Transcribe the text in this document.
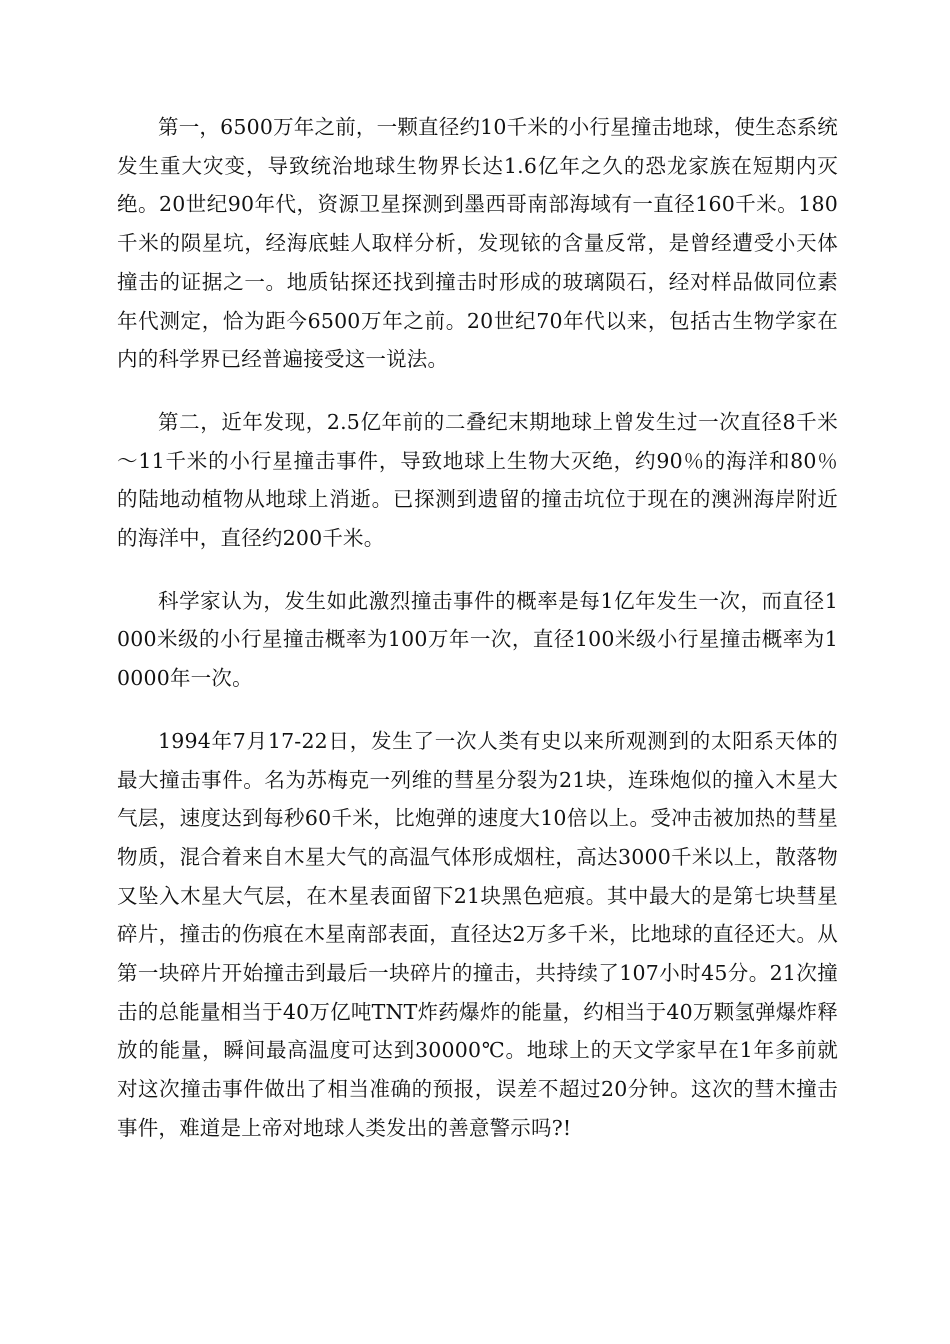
第一，6500万年之前，一颗直径约10千米的小行星撞击地球，使生态系统发生重大灾变，导致统治地球生物界长达1.6亿年之久的恐龙家族在短期内灭绝。20世纪90年代，资源卫星探测到墨西哥南部海域有一直径160千米。180千米的陨星坑，经海底蛙人取样分析，发现铱的含量反常，是曾经遭受小天体撞击的证据之一。地质钻探还找到撞击时形成的玻璃陨石，经对样品做同位素年代测定，恰为距今6500万年之前。20世纪70年代以来，包括古生物学家在内的科学界已经普遍接受这一说法。

第二，近年发现，2.5亿年前的二叠纪末期地球上曾发生过一次直径8千米～11千米的小行星撞击事件，导致地球上生物大灭绝，约90％的海洋和80％的陆地动植物从地球上消逝。已探测到遗留的撞击坑位于现在的澳洲海岸附近的海洋中，直径约200千米。

科学家认为，发生如此激烈撞击事件的概率是每1亿年发生一次，而直径1000米级的小行星撞击概率为100万年一次，直径100米级小行星撞击概率为10000年一次。

1994年7月17-22日，发生了一次人类有史以来所观测到的太阳系天体的最大撞击事件。名为苏梅克一列维的彗星分裂为21块，连珠炮似的撞入木星大气层，速度达到每秒60千米，比炮弹的速度大10倍以上。受冲击被加热的彗星物质，混合着来自木星大气的高温气体形成烟柱，高达3000千米以上，散落物又坠入木星大气层，在木星表面留下21块黑色疤痕。其中最大的是第七块彗星碎片，撞击的伤痕在木星南部表面，直径达2万多千米，比地球的直径还大。从第一块碎片开始撞击到最后一块碎片的撞击，共持续了107小时45分。21次撞击的总能量相当于40万亿吨TNT炸药爆炸的能量，约相当于40万颗氢弹爆炸释放的能量，瞬间最高温度可达到30000℃。地球上的天文学家早在1年多前就对这次撞击事件做出了相当准确的预报，误差不超过20分钟。这次的彗木撞击事件，难道是上帝对地球人类发出的善意警示吗?!
